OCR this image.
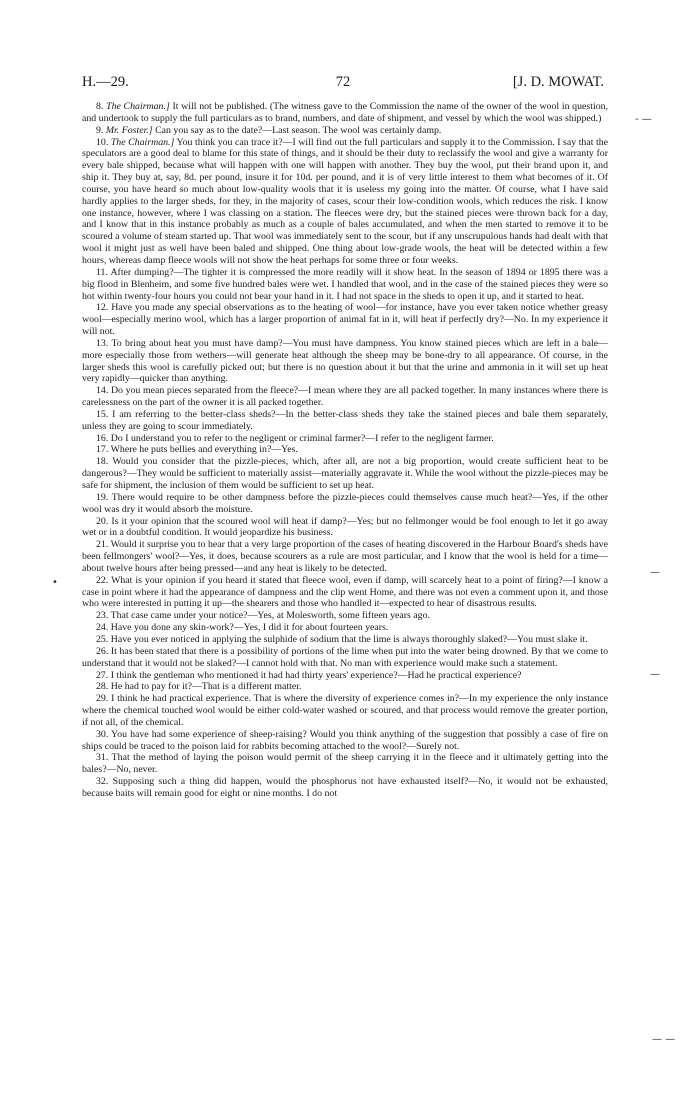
H.—29.	72	[J. D. MOWAT.

8. The Chairman.] It will not be published. (The witness gave to the Commission the name of the owner of the wool in question, and undertook to supply the full particulars as to brand, numbers, and date of shipment, and vessel by which the wool was shipped.)

9. Mr. Foster.] Can you say as to the date?—Last season. The wool was certainly damp.

10. The Chairman.] You think you can trace it?—I will find out the full particulars and supply it to the Commission. I say that the speculators are a good deal to blame for this state of things, and it should be their duty to reclassify the wool and give a warranty for every bale shipped, because what will happen with one will happen with another. They buy the wool, put their brand upon it, and ship it. They buy at, say, 8d. per pound, insure it for 10d. per pound, and it is of very little interest to them what becomes of it. Of course, you have heard so much about low-quality wools that it is useless my going into the matter. Of course, what I have said hardly applies to the larger sheds, for they, in the majority of cases, scour their low-condition wools, which reduces the risk. I know one instance, however, where I was classing on a station. The fleeces were dry, but the stained pieces were thrown back for a day, and I know that in this instance probably as much as a couple of bales accumulated, and when the men started to remove it to be scoured a volume of steam started up. That wool was immediately sent to the scour, but if any unscrupulous hands had dealt with that wool it might just as well have been baled and shipped. One thing about low-grade wools, the heat will be detected within a few hours, whereas damp fleece wools will not show the heat perhaps for some three or four weeks.

11. After dumping?—The tighter it is compressed the more readily will it show heat. In the season of 1894 or 1895 there was a big flood in Blenheim, and some five hundred bales were wet. I handled that wool, and in the case of the stained pieces they were so hot within twenty-four hours you could not bear your hand in it. I had not space in the sheds to open it up, and it started to heat.

12. Have you made any special observations as to the heating of wool—for instance, have you ever taken notice whether greasy wool—especially merino wool, which has a larger proportion of animal fat in it, will heat if perfectly dry?—No. In my experience it will not.

13. To bring about heat you must have damp?—You must have dampness. You know stained pieces which are left in a bale—more especially those from wethers—will generate heat although the sheep may be bone-dry to all appearance. Of course, in the larger sheds this wool is carefully picked out; but there is no question about it but that the urine and ammonia in it will set up heat very rapidly—quicker than anything.

14. Do you mean pieces separated from the fleece?—I mean where they are all packed together. In many instances where there is carelessness on the part of the owner it is all packed together.

15. I am referring to the better-class sheds?—In the better-class sheds they take the stained pieces and bale them separately, unless they are going to scour immediately.

16. Do I understand you to refer to the negligent or criminal farmer?—I refer to the negligent farmer.

17. Where he puts bellies and everything in?—Yes.

18. Would you consider that the pizzle-pieces, which, after all, are not a big proportion, would create sufficient heat to be dangerous?—They would be sufficient to materially assist—materially aggravate it. While the wool without the pizzle-pieces may be safe for shipment, the inclusion of them would be sufficient to set up heat.

19. There would require to be other dampness before the pizzle-pieces could themselves cause much heat?—Yes, if the other wool was dry it would absorb the moisture.

20. Is it your opinion that the scoured wool will heat if damp?—Yes; but no fellmonger would be fool enough to let it go away wet or in a doubtful condition. It would jeopardize his business.

21. Would it surprise you to hear that a very large proportion of the cases of heating discovered in the Harbour Board's sheds have been fellmongers' wool?—Yes, it does, because scourers as a rule are most particular, and I know that the wool is held for a time—about twelve hours after being pressed—and any heat is likely to be detected.

22. What is your opinion if you heard it stated that fleece wool, even if damp, will scarcely heat to a point of firing?—I know a case in point where it had the appearance of dampness and the clip went Home, and there was not even a comment upon it, and those who were interested in putting it up—the shearers and those who handled it—expected to hear of disastrous results.

23. That case came under your notice?—Yes, at Molesworth, some fifteen years ago.

24. Have you done any skin-work?—Yes, I did it for about fourteen years.

25. Have you ever noticed in applying the sulphide of sodium that the lime is always thoroughly slaked?—You must slake it.

26. It has been stated that there is a possibility of portions of the lime when put into the water being drowned. By that we come to understand that it would not be slaked?—I cannot hold with that. No man with experience would make such a statement.

27. I think the gentleman who mentioned it had had thirty years' experience?—Had he practical experience?

28. He had to pay for it?—That is a different matter.

29. I think he had practical experience. That is where the diversity of experience comes in?—In my experience the only instance where the chemical touched wool would be either cold-water washed or scoured, and that process would remove the greater portion, if not all, of the chemical.

30. You have had some experience of sheep-raising? Would you think anything of the suggestion that possibly a case of fire on ships could be traced to the poison laid for rabbits becoming attached to the wool?—Surely not.

31. That the method of laying the poison would permit of the sheep carrying it in the fleece and it ultimately getting into the bales?—No, never.

32. Supposing such a thing did happen, would the phosphorus not have exhausted itself?—No, it would not be exhausted, because baits will remain good for eight or nine months. I do not

- —
•
—
—
— —
